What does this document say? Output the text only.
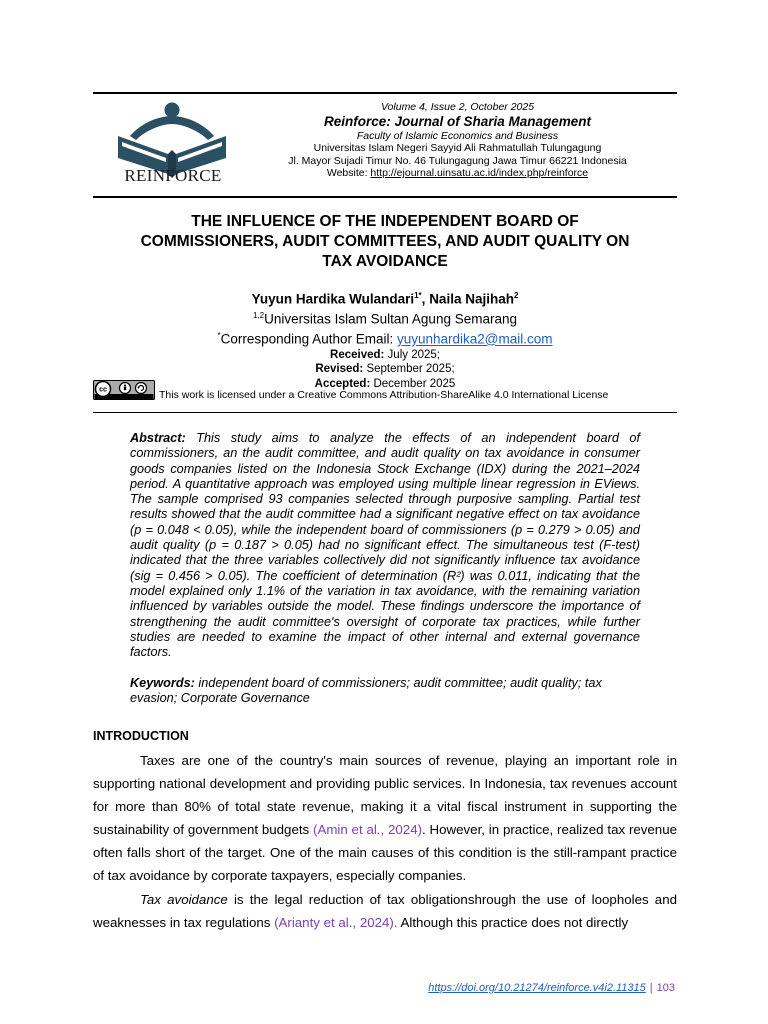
REINFORCE
Volume 4, Issue 2, October 2025
Reinforce: Journal of Sharia Management
Faculty of Islamic Economics and Business
Universitas Islam Negeri Sayyid Ali Rahmatullah Tulungagung
Jl. Mayor Sujadi Timur No. 46 Tulungagung Jawa Timur 66221 Indonesia
Website: http://ejournal.uinsatu.ac.id/index.php/reinforce
THE INFLUENCE OF THE INDEPENDENT BOARD OF
COMMISSIONERS, AUDIT COMMITTEES, AND AUDIT QUALITY ON
TAX AVOIDANCE
Yuyun Hardika Wulandari$^{1*}$, Naila Najihah$^2$
$^{1,2}$Universitas Islam Sultan Agung Semarang
*Corresponding Author Email: yuyunhardika2@mail.com
Received: July 2025;
Revised: September 2025;
Accepted: December 2025
cc	This work is licensed under a Creative Commons Attribution-ShareAlike 4.0 International License
Abstract: This study aims to analyze the effects of an independent board of commissioners, an the audit committee, and audit quality on tax avoidance in consumer goods companies listed on the Indonesia Stock Exchange (IDX) during the 2021–2024 period. A quantitative approach was employed using multiple linear regression in EViews. The sample comprised 93 companies selected through purposive sampling. Partial test results showed that the audit committee had a significant negative effect on tax avoidance (p = 0.048 < 0.05), while the independent board of commissioners (p = 0.279 > 0.05) and audit quality (p = 0.187 > 0.05) had no significant effect. The simultaneous test (F-test) indicated that the three variables collectively did not significantly influence tax avoidance (sig = 0.456 > 0.05). The coefficient of determination (R²) was 0.011, indicating that the model explained only 1.1% of the variation in tax avoidance, with the remaining variation influenced by variables outside the model. These findings underscore the importance of strengthening the audit committee's oversight of corporate tax practices, while further studies are needed to examine the impact of other internal and external governance factors.
Keywords: independent board of commissioners; audit committee; audit quality; tax evasion; Corporate Governance
INTRODUCTION

Taxes are one of the country's main sources of revenue, playing an important role in supporting national development and providing public services. In Indonesia, tax revenues account for more than 80% of total state revenue, making it a vital fiscal instrument in supporting the sustainability of government budgets (Amin et al., 2024). However, in practice, realized tax revenue often falls short of the target. One of the main causes of this condition is the still-rampant practice of tax avoidance by corporate taxpayers, especially companies.

Tax avoidance is the legal reduction of tax obligationshrough the use of loopholes and weaknesses in tax regulations (Arianty et al., 2024). Although this practice does not directly

https://doi.org/10.21274/reinforce.v4i2.11315 | 103
